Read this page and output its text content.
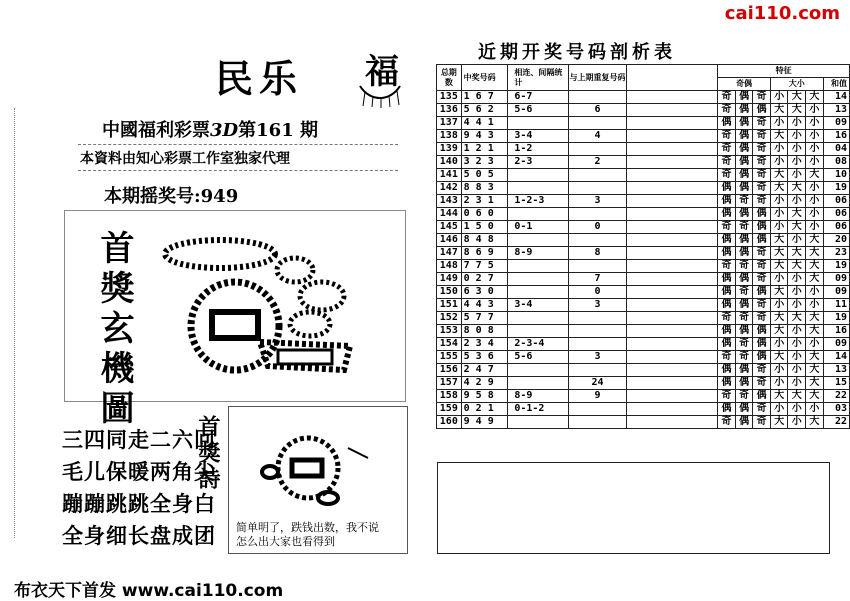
cai110.com
民乐 福
中國福利彩票3D第161 期
本資料由知心彩票工作室独家代理
本期摇奖号:949
首獎玄機圖

三四同走二六回
毛儿保暖两角尖
蹦蹦跳跳全身白
全身细长盘成团
首獎詩
简单明了，跌钱出数，我不说
怎么出大家也看得到
布衣天下首发 www.cai110.com
近期开奖号码剖析表
总期数	中奖号码	相连、间隔统计	与上期重复号码		特征						
					奇偶			大小			和值
135	1 6 7	6-7			奇	偶	奇	小	大	大	14
136	5 6 2	5-6	6		奇	偶	偶	大	大	小	13
137	4 4 1				偶	偶	奇	小	小	小	09
138	9 4 3	3-4	4		奇	偶	奇	大	小	小	16
139	1 2 1	1-2			奇	偶	奇	小	小	小	04
140	3 2 3	2-3	2		奇	偶	奇	小	小	小	08
141	5 0 5				奇	偶	奇	大	小	大	10
142	8 8 3				偶	偶	奇	大	大	小	19
143	2 3 1	1-2-3	3		偶	奇	奇	小	小	小	06
144	0 6 0				偶	偶	偶	小	大	小	06
145	1 5 0	0-1	0		奇	奇	偶	小	大	小	06
146	8 4 8				偶	偶	偶	大	小	大	20
147	8 6 9	8-9	8		偶	偶	奇	大	大	大	23
148	7 7 5				奇	奇	奇	大	大	大	19
149	0 2 7		7		偶	偶	奇	小	小	大	09
150	6 3 0		0		偶	奇	偶	大	小	小	09
151	4 4 3	3-4	3		偶	偶	奇	小	小	小	11
152	5 7 7				奇	奇	奇	大	大	大	19
153	8 0 8				偶	偶	偶	大	小	大	16
154	2 3 4	2-3-4			偶	奇	偶	小	小	小	09
155	5 3 6	5-6	3		奇	奇	偶	大	小	大	14
156	2 4 7				偶	偶	奇	小	小	大	13
157	4 2 9		24		偶	偶	奇	小	小	大	15
158	9 5 8	8-9	9		奇	奇	偶	大	大	大	22
159	0 2 1	0-1-2			偶	偶	奇	小	小	小	03
160	9 4 9				奇	偶	奇	大	小	大	22
